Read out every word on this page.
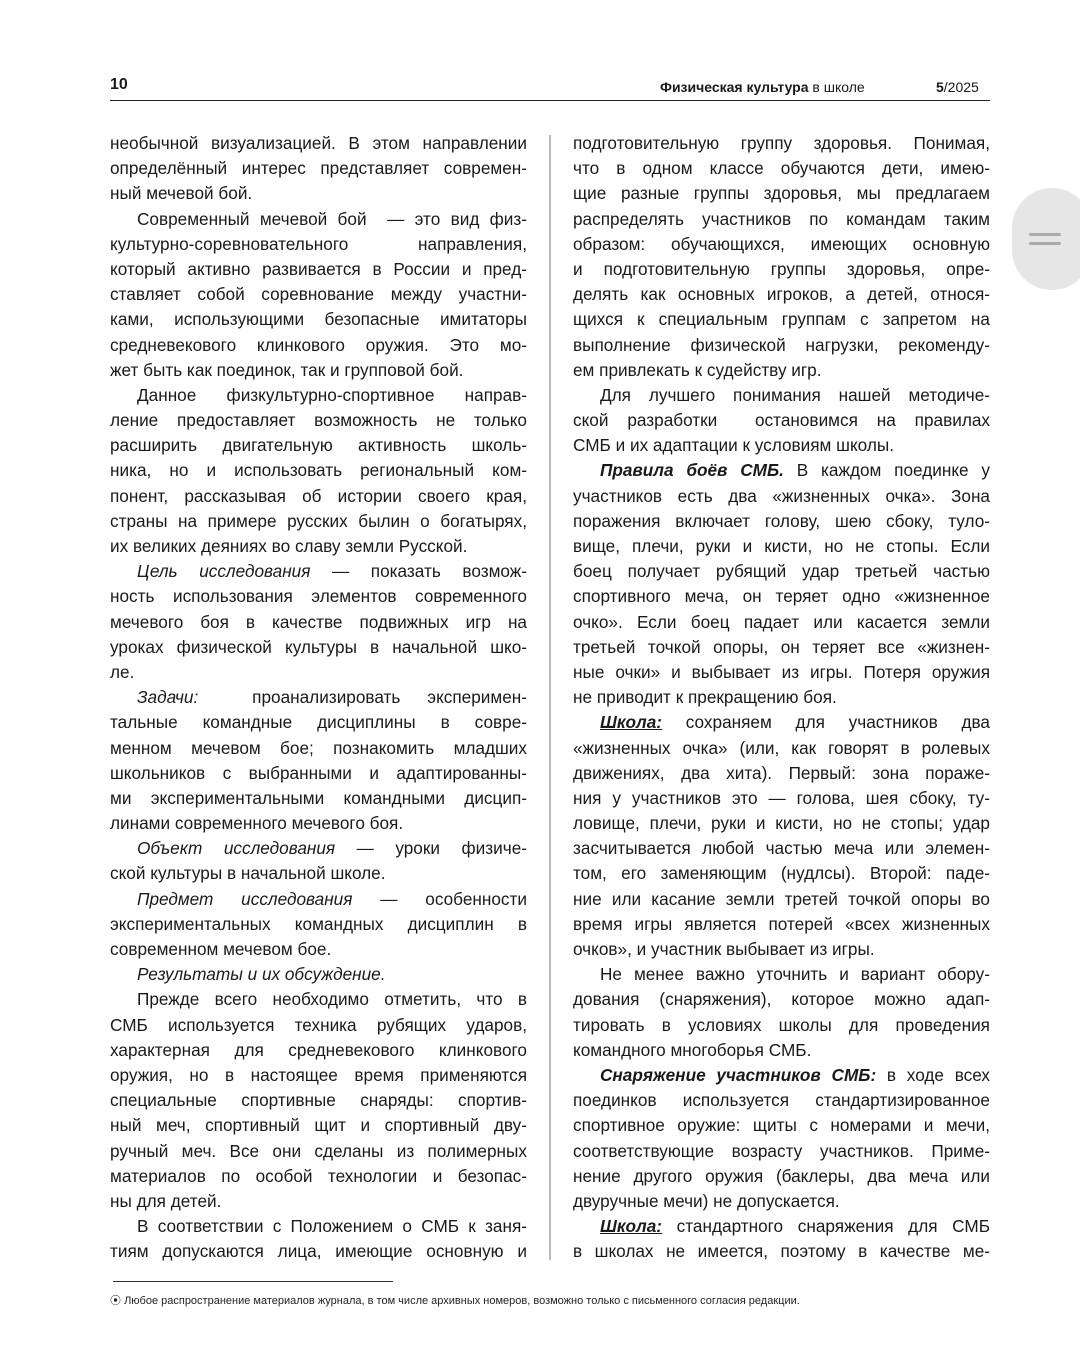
10	Физическая культура в школе	5/2025
необычной визуализацией. В этом направлении
определённый интерес представляет современ-
ный мечевой бой.
Современный мечевой бой  — это вид физ-
культурно-соревновательного  направления,
который активно развивается в России и пред-
ставляет собой соревнование между участни-
ками, использующими безопасные имитаторы
средневекового клинкового оружия. Это мо-
жет быть как поединок, так и групповой бой.
Данное физкультурно-спортивное направ-
ление предоставляет возможность не только
расширить двигательную активность школь-
ника, но и использовать региональный ком-
понент, рассказывая об истории своего края,
страны на примере русских былин о богатырях,
их великих деяниях во славу земли Русской.
Цель исследования — показать возмож-
ность использования элементов современного
мечевого боя в качестве подвижных игр на
уроках физической культуры в начальной шко-
ле.
Задачи:  проанализировать эксперимен-
тальные командные дисциплины в совре-
менном мечевом бое; познакомить младших
школьников с выбранными и адаптированны-
ми экспериментальными командными дисцип-
линами современного мечевого боя.
Объект исследования — уроки физиче-
ской культуры в начальной школе.
Предмет исследования — особенности
экспериментальных командных дисциплин в
современном мечевом бое.
Результаты и их обсуждение.
Прежде всего необходимо отметить, что в
СМБ используется техника рубящих ударов,
характерная для средневекового клинкового
оружия, но в настоящее время применяются
специальные спортивные снаряды: спортив-
ный меч, спортивный щит и спортивный дву-
ручный меч. Все они сделаны из полимерных
материалов по особой технологии и безопас-
ны для детей.
В соответствии с Положением о СМБ к заня-
тиям допускаются лица, имеющие основную и
подготовительную группу здоровья. Понимая,
что в одном классе обучаются дети, имею-
щие разные группы здоровья, мы предлагаем
распределять участников по командам таким
образом: обучающихся, имеющих основную
и подготовительную группы здоровья, опре-
делять как основных игроков, а детей, относя-
щихся к специальным группам с запретом на
выполнение физической нагрузки, рекоменду-
ем привлекать к судейству игр.
Для лучшего понимания нашей методиче-
ской разработки  остановимся на правилах
СМБ и их адаптации к условиям школы.
Правила боёв СМБ. В каждом поединке у
участников есть два «жизненных очка». Зона
поражения включает голову, шею сбоку, туло-
вище, плечи, руки и кисти, но не стопы. Если
боец получает рубящий удар третьей частью
спортивного меча, он теряет одно «жизненное
очко». Если боец падает или касается земли
третьей точкой опоры, он теряет все «жизнен-
ные очки» и выбывает из игры. Потеря оружия
не приводит к прекращению боя.
Школа: сохраняем для участников два
«жизненных очка» (или, как говорят в ролевых
движениях, два хита). Первый: зона пораже-
ния у участников это — голова, шея сбоку, ту-
ловище, плечи, руки и кисти, но не стопы; удар
засчитывается любой частью меча или элемен-
том, его заменяющим (нудлсы). Второй: паде-
ние или касание земли третей точкой опоры во
время игры является потерей «всех жизненных
очков», и участник выбывает из игры.
Не менее важно уточнить и вариант обору-
дования (снаряжения), которое можно адап-
тировать в условиях школы для проведения
командного многоборья СМБ.
Снаряжение участников СМБ: в ходе всех
поединков используется стандартизированное
спортивное оружие: щиты с номерами и мечи,
соответствующие возрасту участников. Приме-
нение другого оружия (баклеры, два меча или
двуручные мечи) не допускается.
Школа: стандартного снаряжения для СМБ
в школах не имеется, поэтому в качестве ме-
⦿ Любое распространение материалов журнала, в том числе архивных номеров, возможно только с письменного согласия редакции.
